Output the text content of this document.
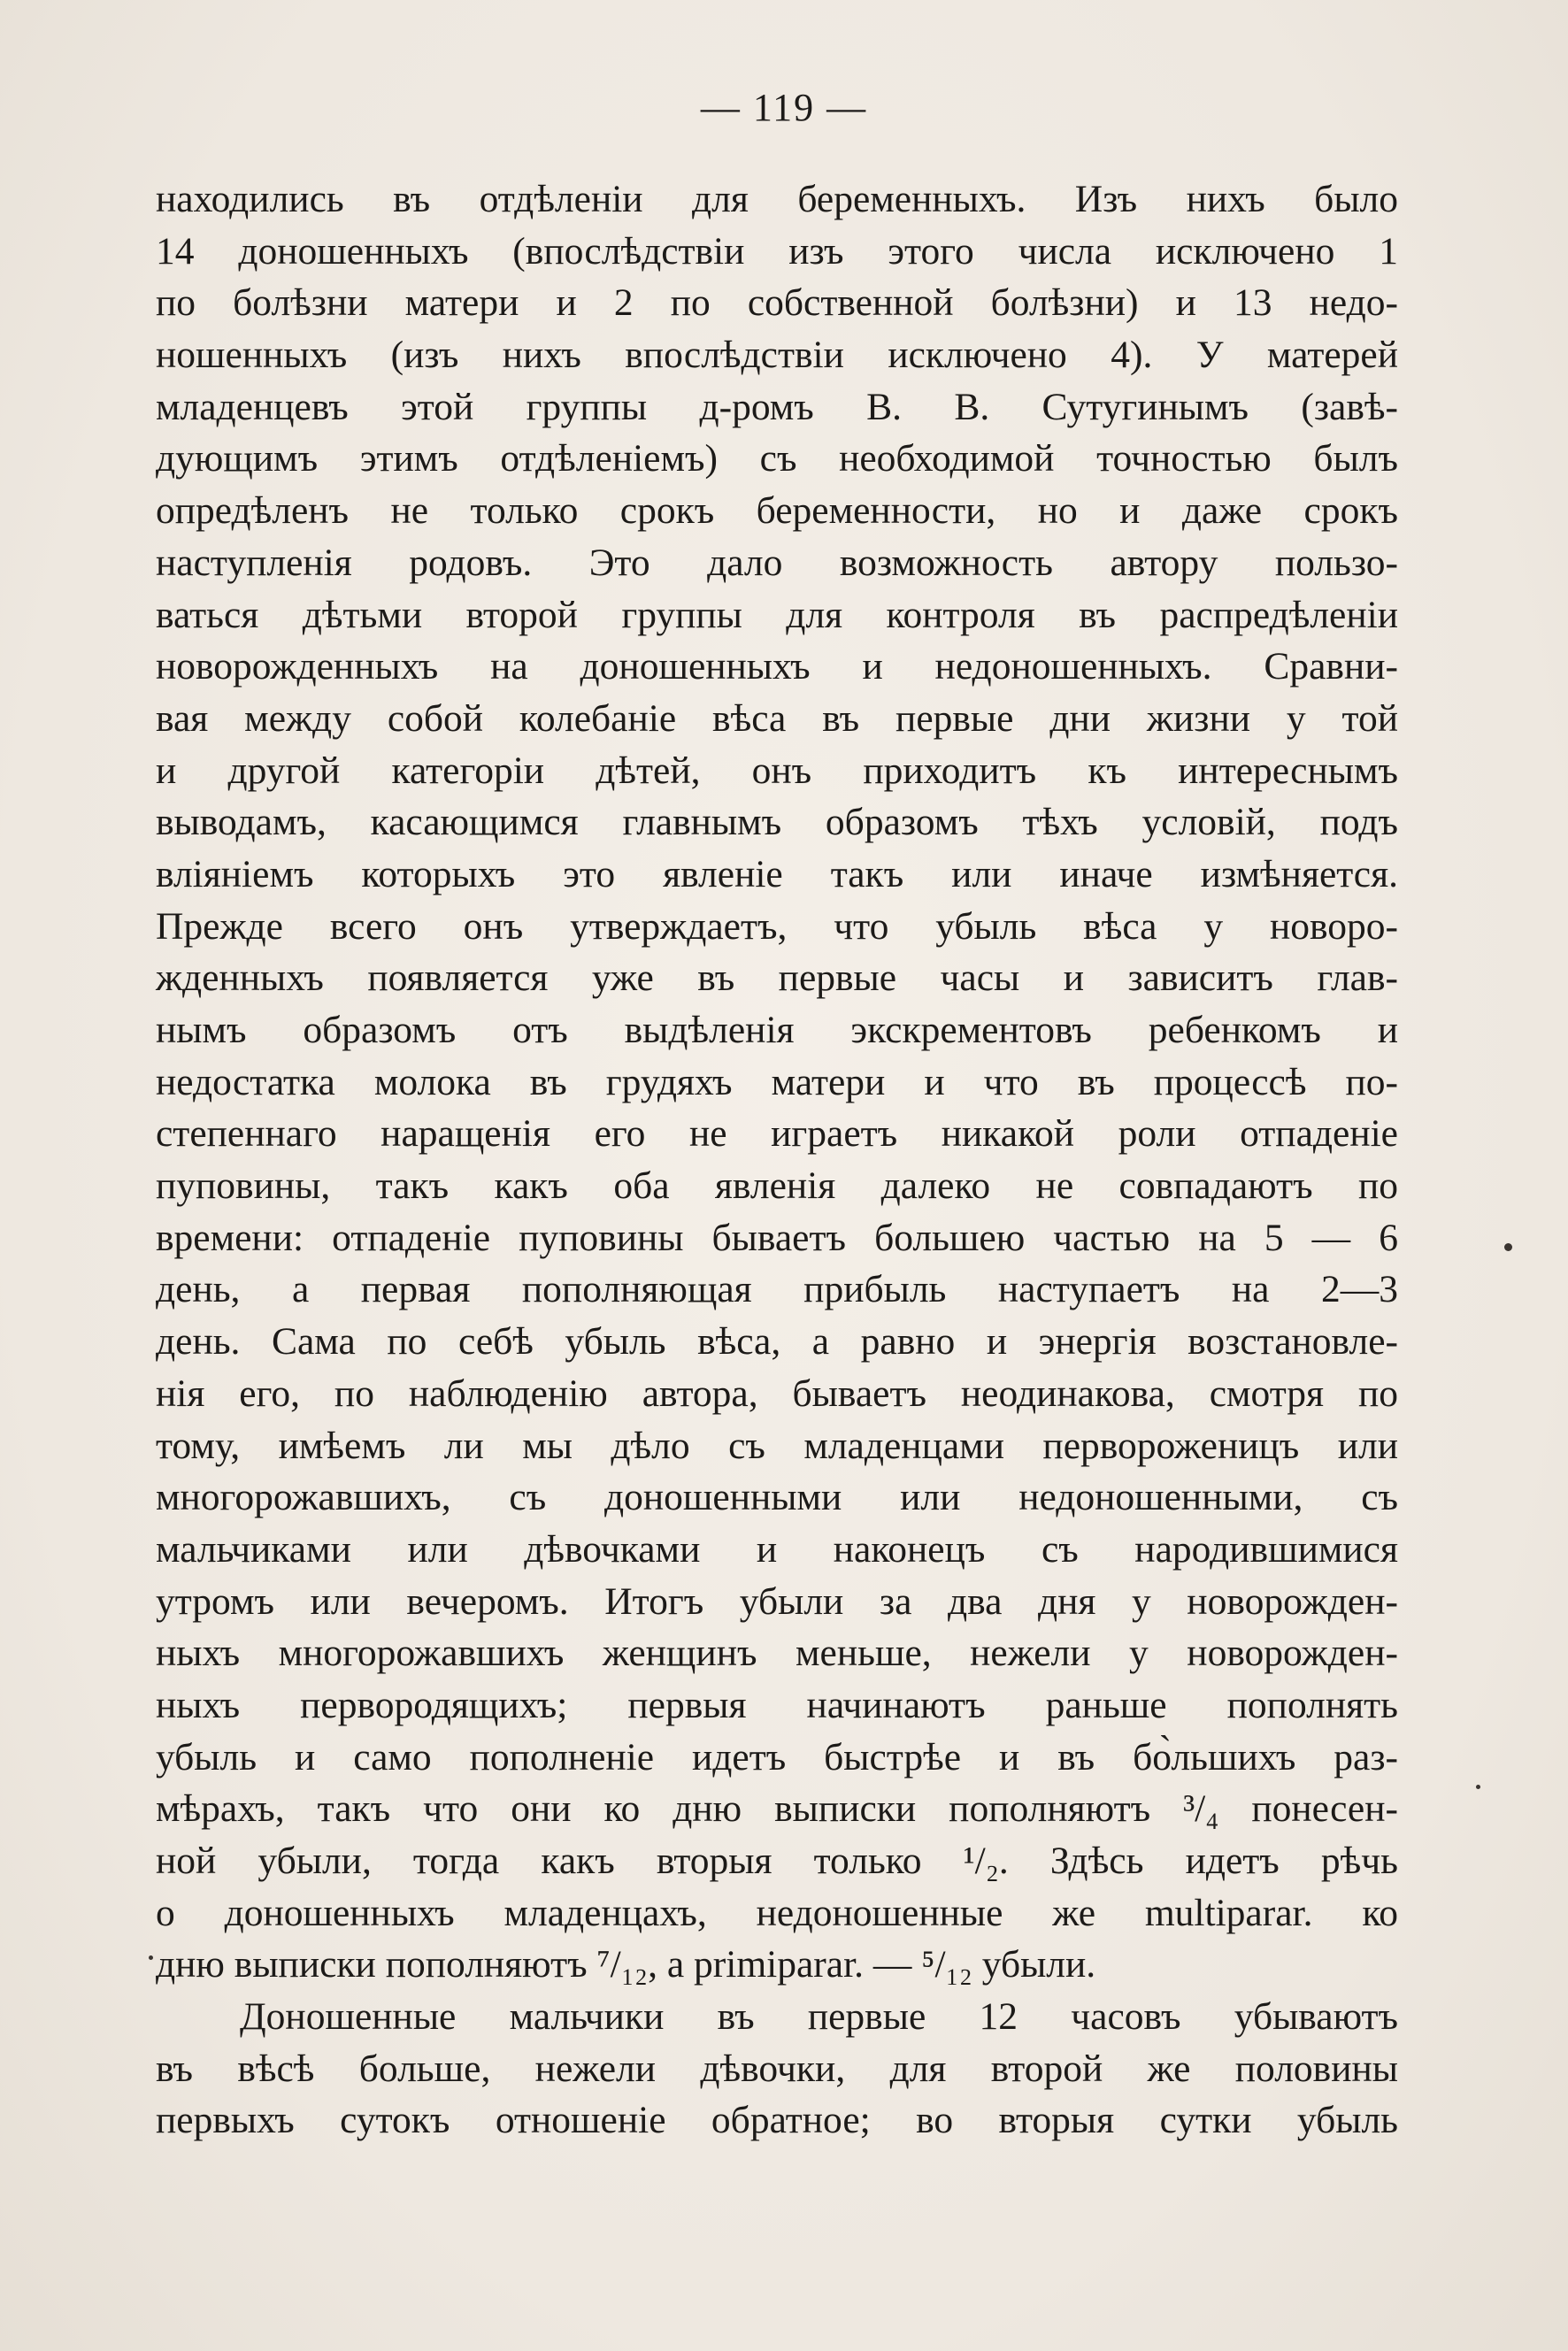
— 119 —
находились въ отдѣленіи для беременныхъ. Изъ нихъ было
14 доношенныхъ (впослѣдствіи изъ этого числа исключено 1
по болѣзни матери и 2 по собственной болѣзни) и 13 недо-
ношенныхъ (изъ нихъ впослѣдствіи исключено 4). У матерей
младенцевъ этой группы д-ромъ В. В. Сутугинымъ (завѣ-
дующимъ этимъ отдѣленіемъ) съ необходимой точностью былъ
опредѣленъ не только срокъ беременности, но и даже срокъ
наступленія родовъ. Это дало возможность автору пользо-
ваться дѣтьми второй группы для контроля въ распредѣленіи
новорожденныхъ на доношенныхъ и недоношенныхъ. Сравни-
вая между собой колебаніе вѣса въ первые дни жизни у той
и другой категоріи дѣтей, онъ приходитъ къ интереснымъ
выводамъ, касающимся главнымъ образомъ тѣхъ условій, подъ
вліяніемъ которыхъ это явленіе такъ или иначе измѣняется.
Прежде всего онъ утверждаетъ, что убыль вѣса у новоро-
жденныхъ появляется уже въ первые часы и зависитъ глав-
нымъ образомъ отъ выдѣленія экскрементовъ ребенкомъ и
недостатка молока въ грудяхъ матери и что въ процессѣ по-
степеннаго наращенія его не играетъ никакой роли отпаденіе
пуповины, такъ какъ оба явленія далеко не совпадаютъ по
времени: отпаденіе пуповины бываетъ большею частью на 5 — 6
день, а первая пополняющая прибыль наступаетъ на 2—3
день. Сама по себѣ убыль вѣса, а равно и энергія возстановле-
нія его, по наблюденію автора, бываетъ неодинакова, смотря по
тому, имѣемъ ли мы дѣло съ младенцами первороженицъ или
многорожавшихъ, съ доношенными или недоношенными, съ
мальчиками или дѣвочками и наконецъ съ народившимися
утромъ или вечеромъ. Итогъ убыли за два дня у новорожден-
ныхъ многорожавшихъ женщинъ меньше, нежели у новорожден-
ныхъ первородящихъ; первыя начинаютъ раньше пополнять
убыль и само пополненіе идетъ быстрѣе и въ бо̀льшихъ раз-
мѣрахъ, такъ что они ко дню выписки пополняютъ ³/₄ понесен-
ной убыли, тогда какъ вторыя только ¹/₂. Здѣсь идетъ рѣчь
о доношенныхъ младенцахъ, недоношенные же multiparar. ко
дню выписки пополняютъ ⁷/₁₂, а primiparar. — ⁵/₁₂ убыли.
Доношенные мальчики въ первые 12 часовъ убываютъ
въ вѣсѣ больше, нежели дѣвочки, для второй же половины
первыхъ сутокъ отношеніе обратное; во вторыя сутки убыль
